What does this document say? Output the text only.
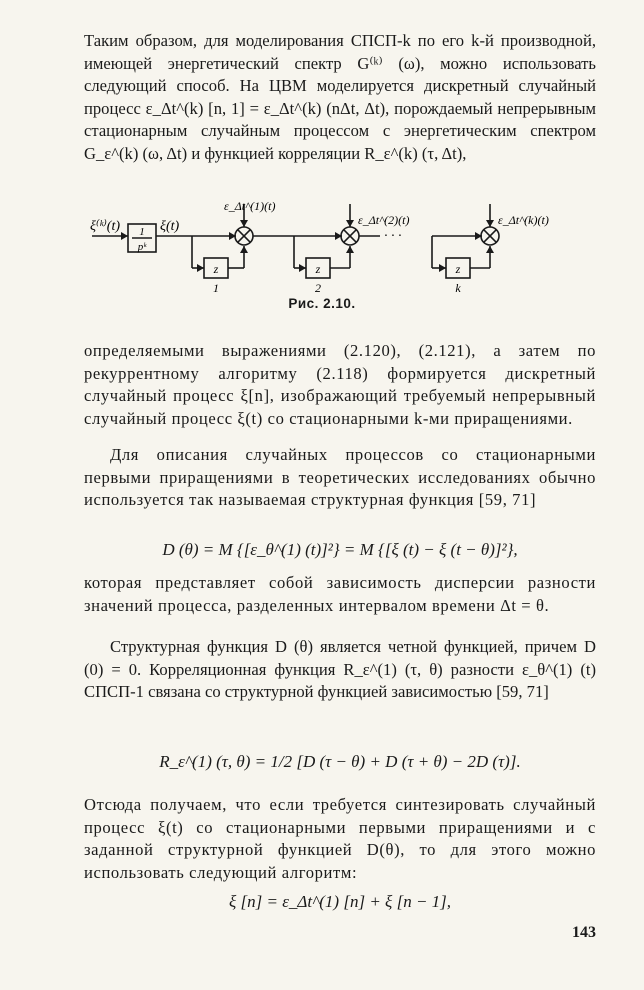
Таким образом, для моделирования СПСП-k по его k-й производной, имеющей энергетический спектр G⁽ᵏ⁾ (ω), можно использовать следующий способ. На ЦВМ моделируется дискретный случайный процесс ε_Δt^(k) [n, 1] = ε_Δt^(k) (nΔt, Δt), порождаемый непрерывным стационарным случайным процессом с энергетическим спектром G_ε^(k) (ω, Δt) и функцией корреляции R_ε^(k) (τ, Δt),

ξ⁽ᵏ⁾(t) 1
pᵏ
ξ(t)
ε_Δt^(1)(t)
z
1
ε_Δt^(2)(t)
z
2
· · ·
ε_Δt^(k)(t)
z
k
Рис. 2.10.

определяемыми выражениями (2.120), (2.121), а затем по рекуррентному алгоритму (2.118) формируется дискретный случайный процесс ξ[n], изображающий требуемый непрерывный случайный процесс ξ(t) со стационарными k-ми приращениями.

Для описания случайных процессов со стационарными первыми приращениями в теоретических исследованиях обычно используется так называемая структурная функция [59, 71]

D (θ) = M {[ε_θ^(1) (t)]²} = M {[ξ (t) − ξ (t − θ)]²},

которая представляет собой зависимость дисперсии разности значений процесса, разделенных интервалом времени Δt = θ.

Структурная функция D (θ) является четной функцией, причем D (0) = 0. Корреляционная функция R_ε^(1) (τ, θ) разности ε_θ^(1) (t) СПСП-1 связана со структурной функцией зависимостью [59, 71]

R_ε^(1) (τ, θ) = 1/2 [D (τ − θ) + D (τ + θ) − 2D (τ)].

Отсюда получаем, что если требуется синтезировать случайный процесс ξ(t) со стационарными первыми приращениями и с заданной структурной функцией D(θ), то для этого можно использовать следующий алгоритм:

ξ [n] = ε_Δt^(1) [n] + ξ [n − 1],

143
